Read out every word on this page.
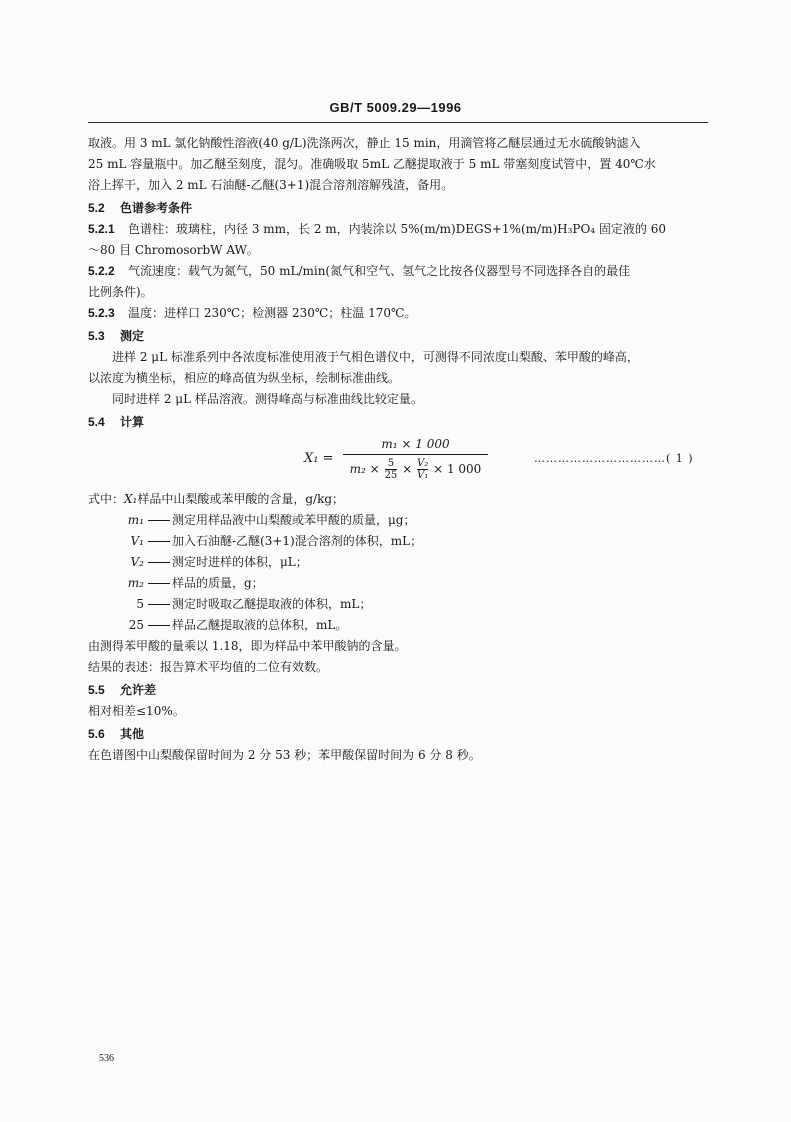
GB/T 5009.29—1996

取液。用 3 mL 氯化钠酸性溶液(40 g/L)洗涤两次，静止 15 min，用滴管将乙醚层通过无水硫酸钠滤入

25 mL 容量瓶中。加乙醚至刻度，混匀。准确吸取 5mL 乙醚提取液于 5 mL 带塞刻度试管中，置 40℃水

浴上挥干，加入 2 mL 石油醚-乙醚(3+1)混合溶剂溶解残渣，备用。

5.2 色谱参考条件

5.2.1 色谱柱：玻璃柱，内径 3 mm，长 2 m，内装涂以 5%(m/m)DEGS+1%(m/m)H₃PO₄ 固定液的 60

～80 目 ChromosorbW AW。

5.2.2 气流速度：载气为氮气，50 mL/min(氮气和空气、氢气之比按各仪器型号不同选择各自的最佳

比例条件)。

5.2.3 温度：进样口 230℃；检测器 230℃；柱温 170℃。

5.3 测定

进样 2 μL 标准系列中各浓度标准使用液于气相色谱仪中，可测得不同浓度山梨酸、苯甲酸的峰高，

以浓度为横坐标，相应的峰高值为纵坐标，绘制标准曲线。

同时进样 2 μL 样品溶液。测得峰高与标准曲线比较定量。

5.4 计算

X₁ =
m₁ × 1 000
$m_2 \times \frac{5}{25} \times \frac{\text{V₂}}{\text{V₁}} \times 1$ 000
……………………………( 1 )

式中：X₁样品中山梨酸或苯甲酸的含量，g/kg；

m₁ 测定用样品液中山梨酸或苯甲酸的质量，μg；

V₁ 加入石油醚-乙醚(3+1)混合溶剂的体积，mL；

V₂ 测定时进样的体积，μL；

m₂ 样品的质量，g；

5 测定时吸取乙醚提取液的体积，mL；

25 样品乙醚提取液的总体积，mL。

由测得苯甲酸的量乘以 1.18，即为样品中苯甲酸钠的含量。

结果的表述：报告算术平均值的二位有效数。

5.5 允许差

相对相差≤10%。

5.6 其他

在色谱图中山梨酸保留时间为 2 分 53 秒；苯甲酸保留时间为 6 分 8 秒。

536
